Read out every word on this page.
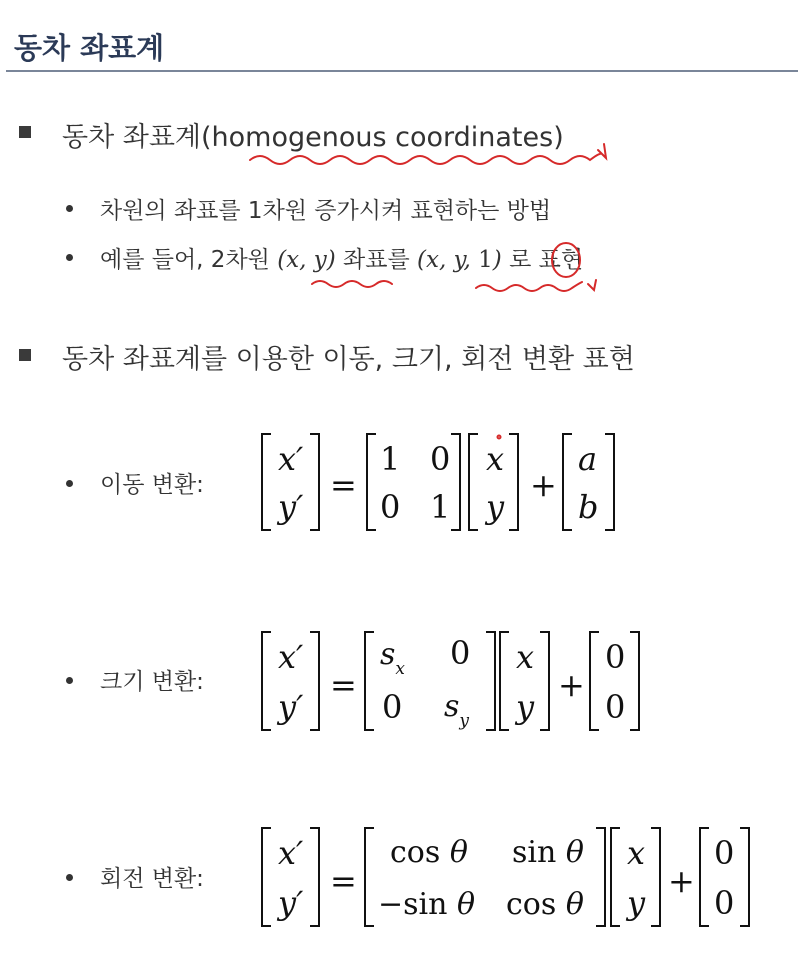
동차 좌표계
동차 좌표계(homogenous coordinates)
차원의 좌표를 1차원 증가시켜 표현하는 방법
예를 들어, 2차원 (x, y) 좌표를 (x, y, 1) 로 표현
동차 좌표계를 이용한 이동, 크기, 회전 변환 표현
이동 변환:
x′
y′
=
1 0
0 1
x
y
+
a
b
크기 변환:
x′
y′
=
$s_x$ 0
0 $s_y$
x
y
+
0
0
회전 변환:
x′
y′
=
cos θ sin θ
−sin θ cos θ
x
y
+
0
0
